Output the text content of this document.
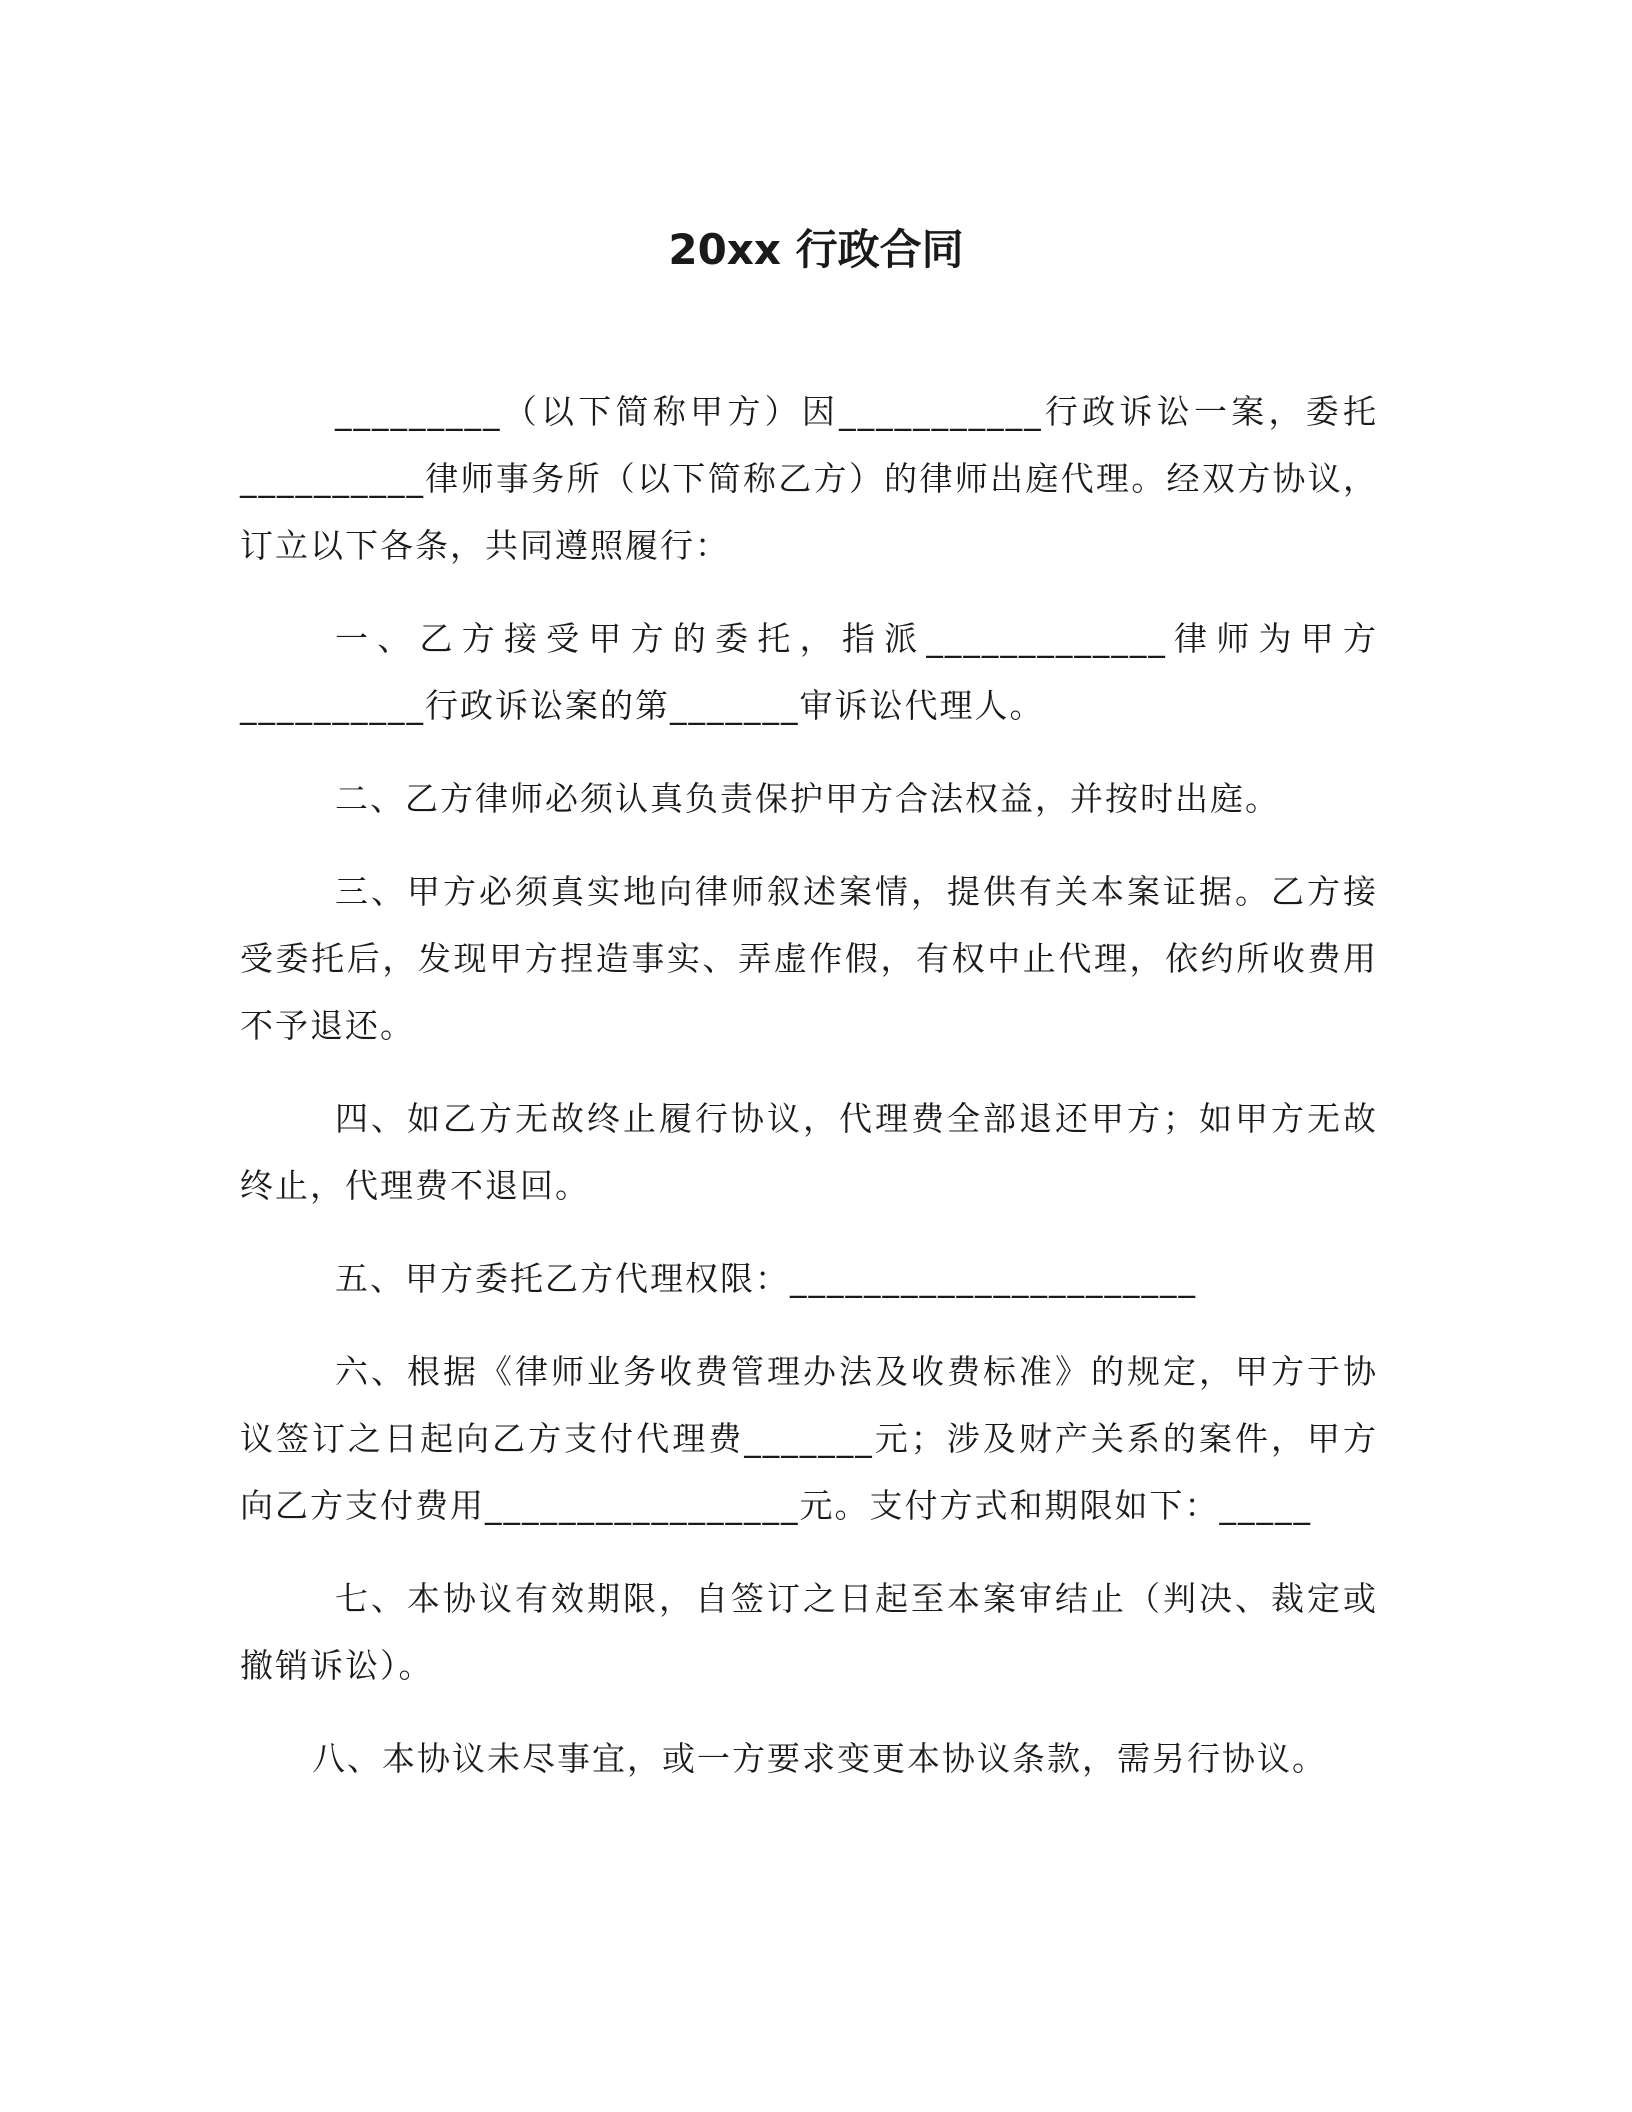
20xx 行政合同

_________（以下简称甲方）因___________行政诉讼一案，委托__________律师事务所（以下简称乙方）的律师出庭代理。经双方协议，订立以下各条，共同遵照履行：

一、乙方接受甲方的委托，指派_____________律师为甲方__________行政诉讼案的第_______审诉讼代理人。

二、乙方律师必须认真负责保护甲方合法权益，并按时出庭。

三、甲方必须真实地向律师叙述案情，提供有关本案证据。乙方接受委托后，发现甲方捏造事实、弄虚作假，有权中止代理，依约所收费用不予退还。

四、如乙方无故终止履行协议，代理费全部退还甲方；如甲方无故终止，代理费不退回。

五、甲方委托乙方代理权限：______________________

六、根据《律师业务收费管理办法及收费标准》的规定，甲方于协议签订之日起向乙方支付代理费_______元；涉及财产关系的案件，甲方向乙方支付费用_________________元。支付方式和期限如下：_____

七、本协议有效期限，自签订之日起至本案审结止（判决、裁定或撤销诉讼）。

八、本协议未尽事宜，或一方要求变更本协议条款，需另行协议。
